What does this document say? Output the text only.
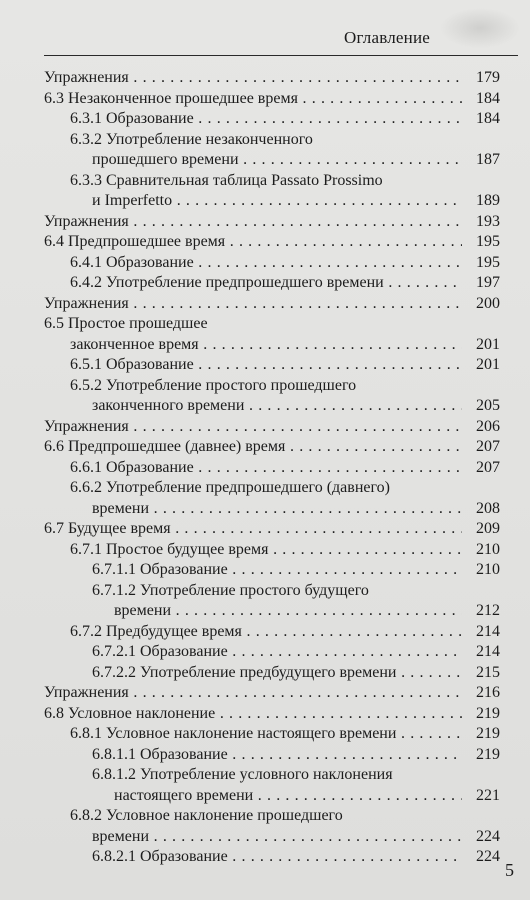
Оглавление
Упражнения . . .	179
6.3 Незаконченное прошедшее время . . .	184
6.3.1 Образование . . .	184
6.3.2 Употребление незаконченного
прошедшего времени . . .	187
6.3.3 Сравнительная таблица Passato Prossimo
и Imperfetto . . .	189
Упражнения . . .	193
6.4 Предпрошедшее время . . .	195
6.4.1 Образование . . .	195
6.4.2 Употребление предпрошедшего времени . . .	197
Упражнения . . .	200
6.5 Простое прошедшее
законченное время . . .	201
6.5.1 Образование . . .	201
6.5.2 Употребление простого прошедшего
законченного времени . . .	205
Упражнения . . .	206
6.6 Предпрошедшее (давнее) время . . .	207
6.6.1 Образование . . .	207
6.6.2 Употребление предпрошедшего (давнего)
времени . . .	208
6.7 Будущее время . . .	209
6.7.1 Простое будущее время . . .	210
6.7.1.1 Образование . . .	210
6.7.1.2 Употребление простого будущего
времени . . .	212
6.7.2 Предбудущее время . . .	214
6.7.2.1 Образование . . .	214
6.7.2.2 Употребление предбудущего времени . . .	215
Упражнения . . .	216
6.8 Условное наклонение . . .	219
6.8.1 Условное наклонение настоящего времени . . .	219
6.8.1.1 Образование . . .	219
6.8.1.2 Употребление условного наклонения
настоящего времени . . .	221
6.8.2 Условное наклонение прошедшего
времени . . .	224
6.8.2.1 Образование . . .	224
5
